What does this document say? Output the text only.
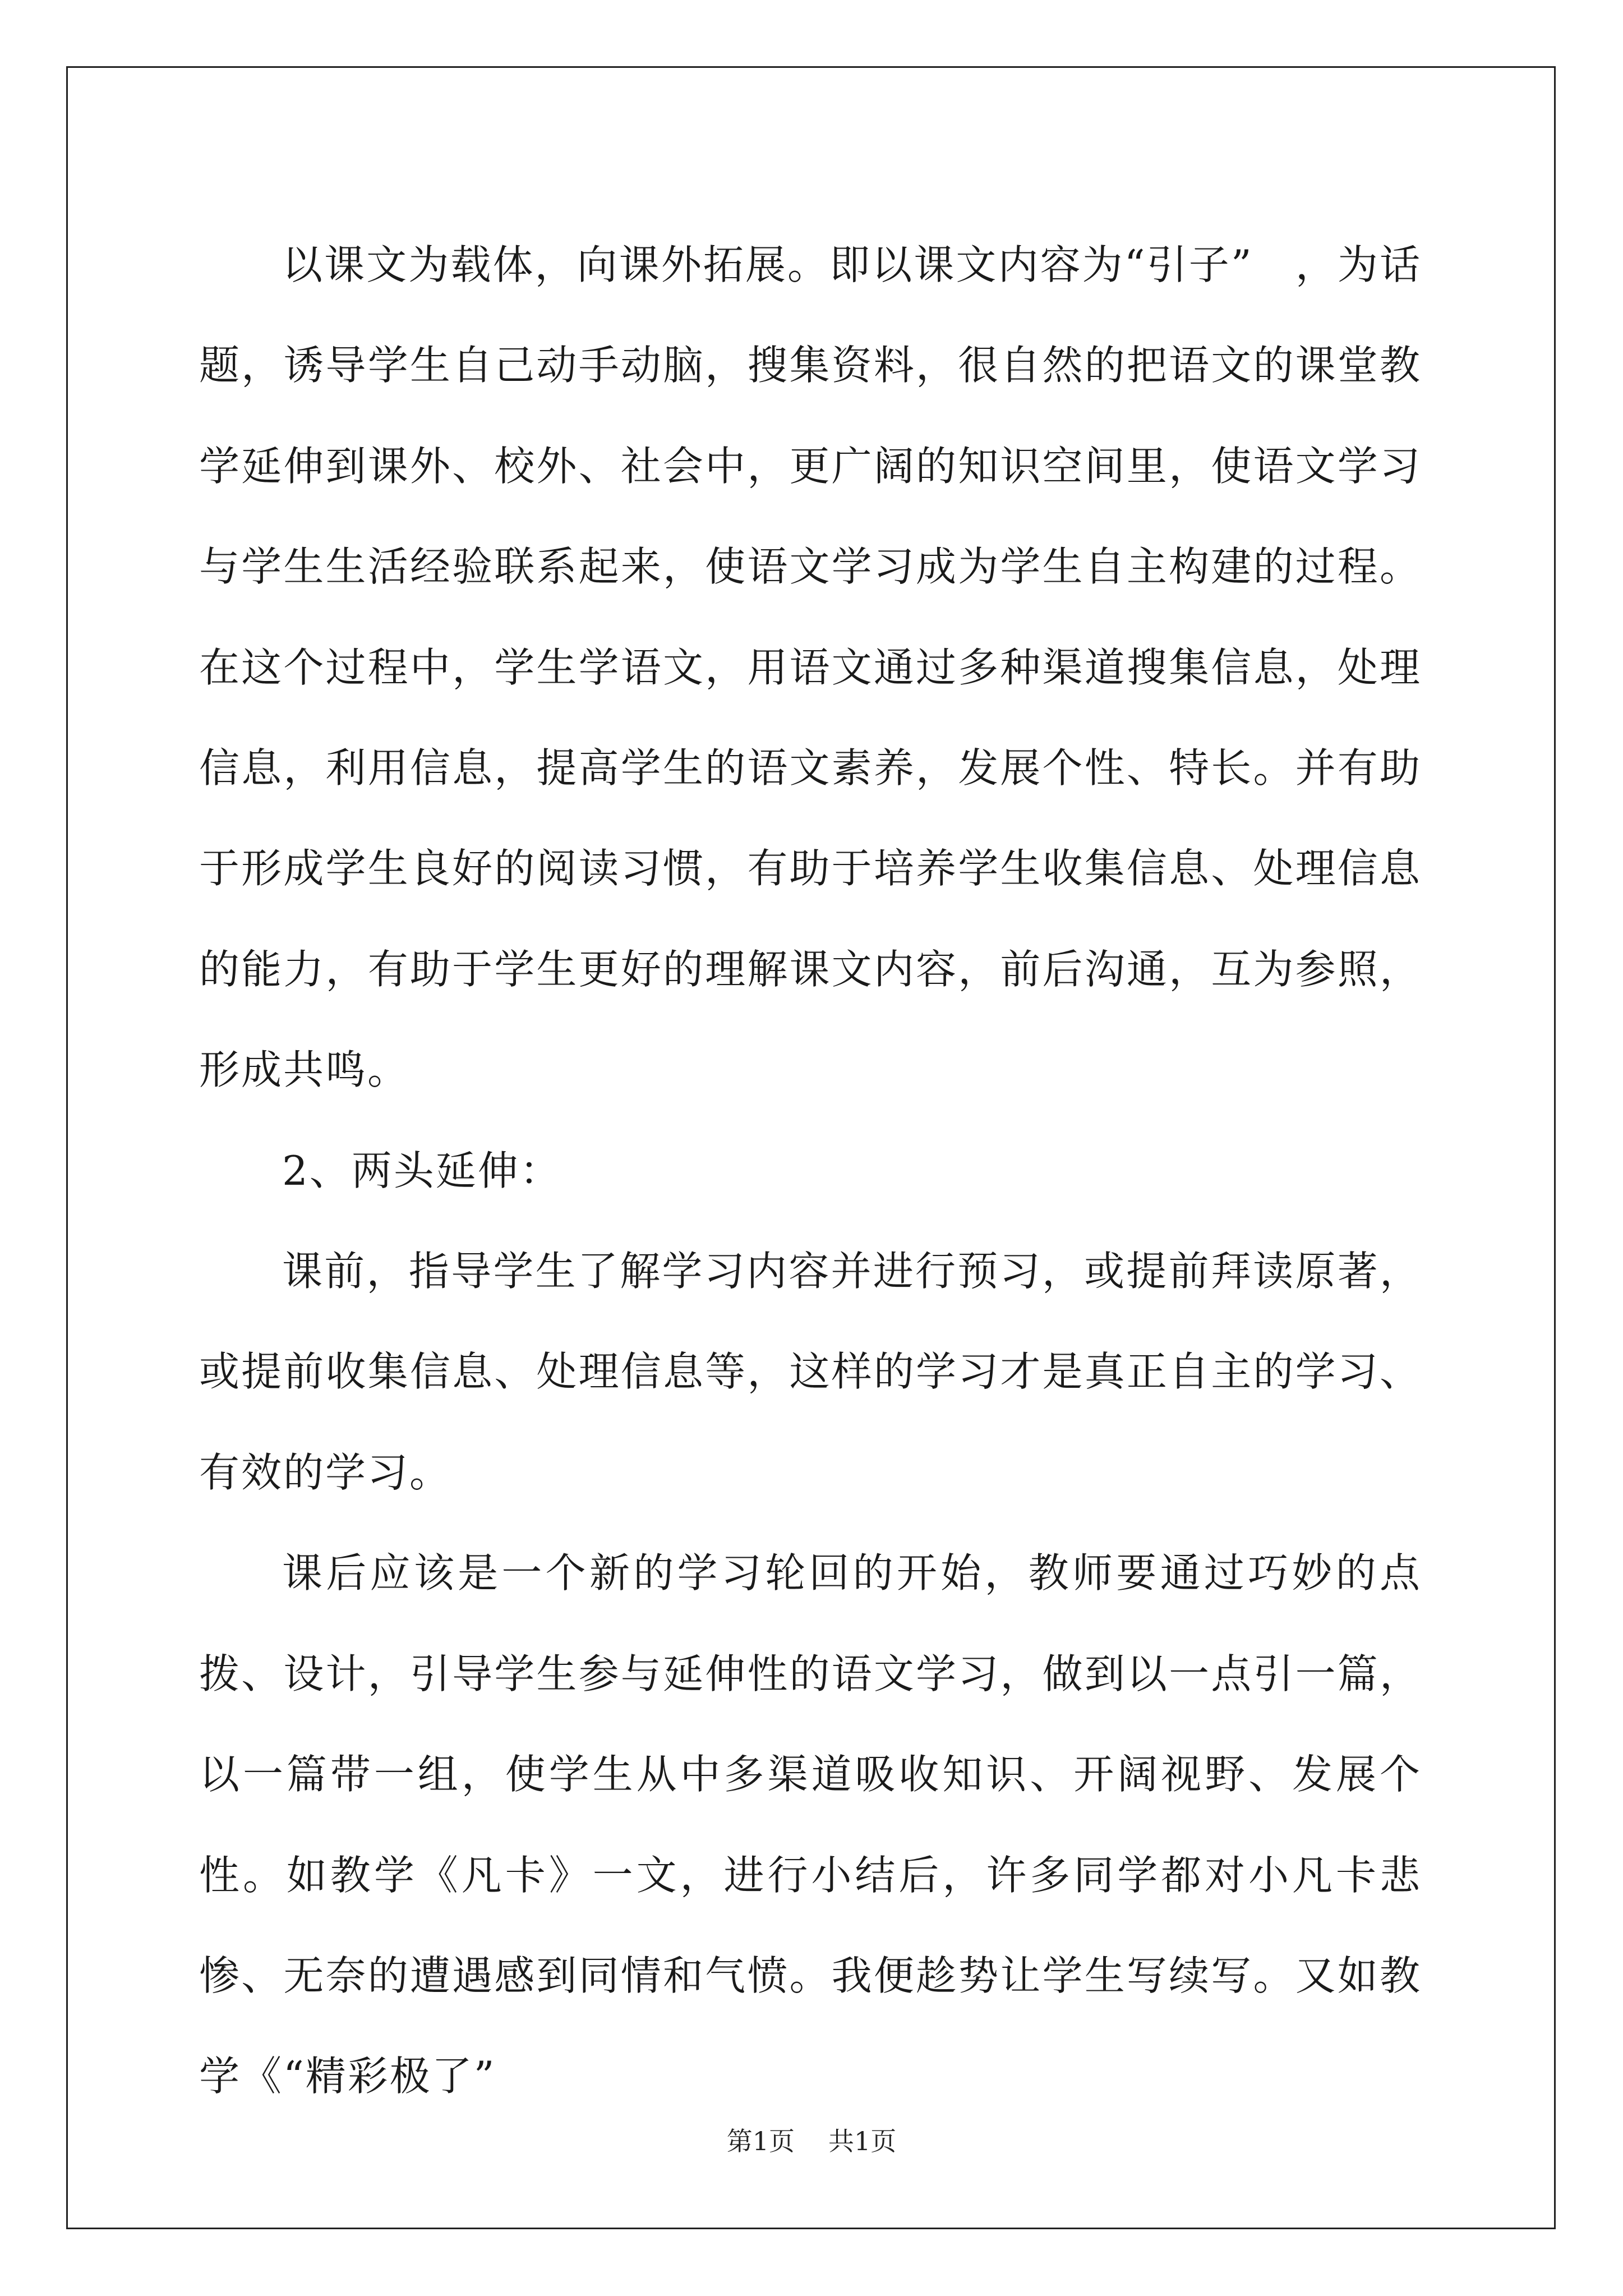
以课文为载体，向课外拓展。即以课文内容为“引子”　，为话题，诱导学生自己动手动脑，搜集资料，很自然的把语文的课堂教学延伸到课外、校外、社会中，更广阔的知识空间里，使语文学习与学生生活经验联系起来，使语文学习成为学生自主构建的过程。在这个过程中，学生学语文，用语文通过多种渠道搜集信息，处理信息，利用信息，提高学生的语文素养，发展个性、特长。并有助于形成学生良好的阅读习惯，有助于培养学生收集信息、处理信息的能力，有助于学生更好的理解课文内容，前后沟通，互为参照，形成共鸣。

2、两头延伸：

课前，指导学生了解学习内容并进行预习，或提前拜读原著，或提前收集信息、处理信息等，这样的学习才是真正自主的学习、有效的学习。

课后应该是一个新的学习轮回的开始，教师要通过巧妙的点拨、设计，引导学生参与延伸性的语文学习，做到以一点引一篇，以一篇带一组，使学生从中多渠道吸收知识、开阔视野、发展个性。如教学《凡卡》一文，进行小结后，许多同学都对小凡卡悲惨、无奈的遭遇感到同情和气愤。我便趁势让学生写续写。又如教学《“精彩极了”

第1页 共1页
